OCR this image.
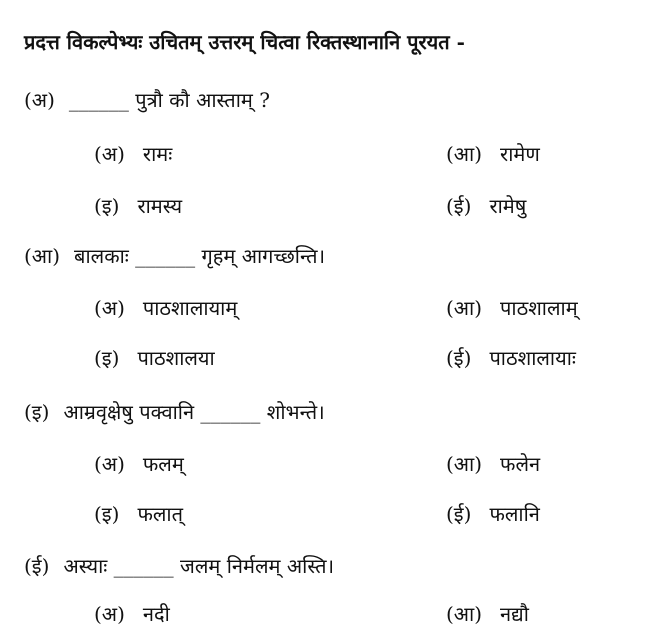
प्रदत्त विकल्पेभ्यः उचितम् उत्तरम् चित्वा रिक्तस्थानानि पूरयत -
(अ) ______ पुत्रौ कौ आस्ताम् ?
(अ) रामः	(आ) रामेण
(इ) रामस्य	(ई) रामेषु
(आ) बालकाः ______ गृहम् आगच्छन्ति।
(अ) पाठशालायाम्	(आ) पाठशालाम्
(इ) पाठशालया	(ई) पाठशालायाः
(इ) आम्रवृक्षेषु पक्वानि ______ शोभन्ते।
(अ) फलम्	(आ) फलेन
(इ) फलात्	(ई) फलानि
(ई) अस्याः ______ जलम् निर्मलम् अस्ति।
(अ) नदी	(आ) नद्यौ
